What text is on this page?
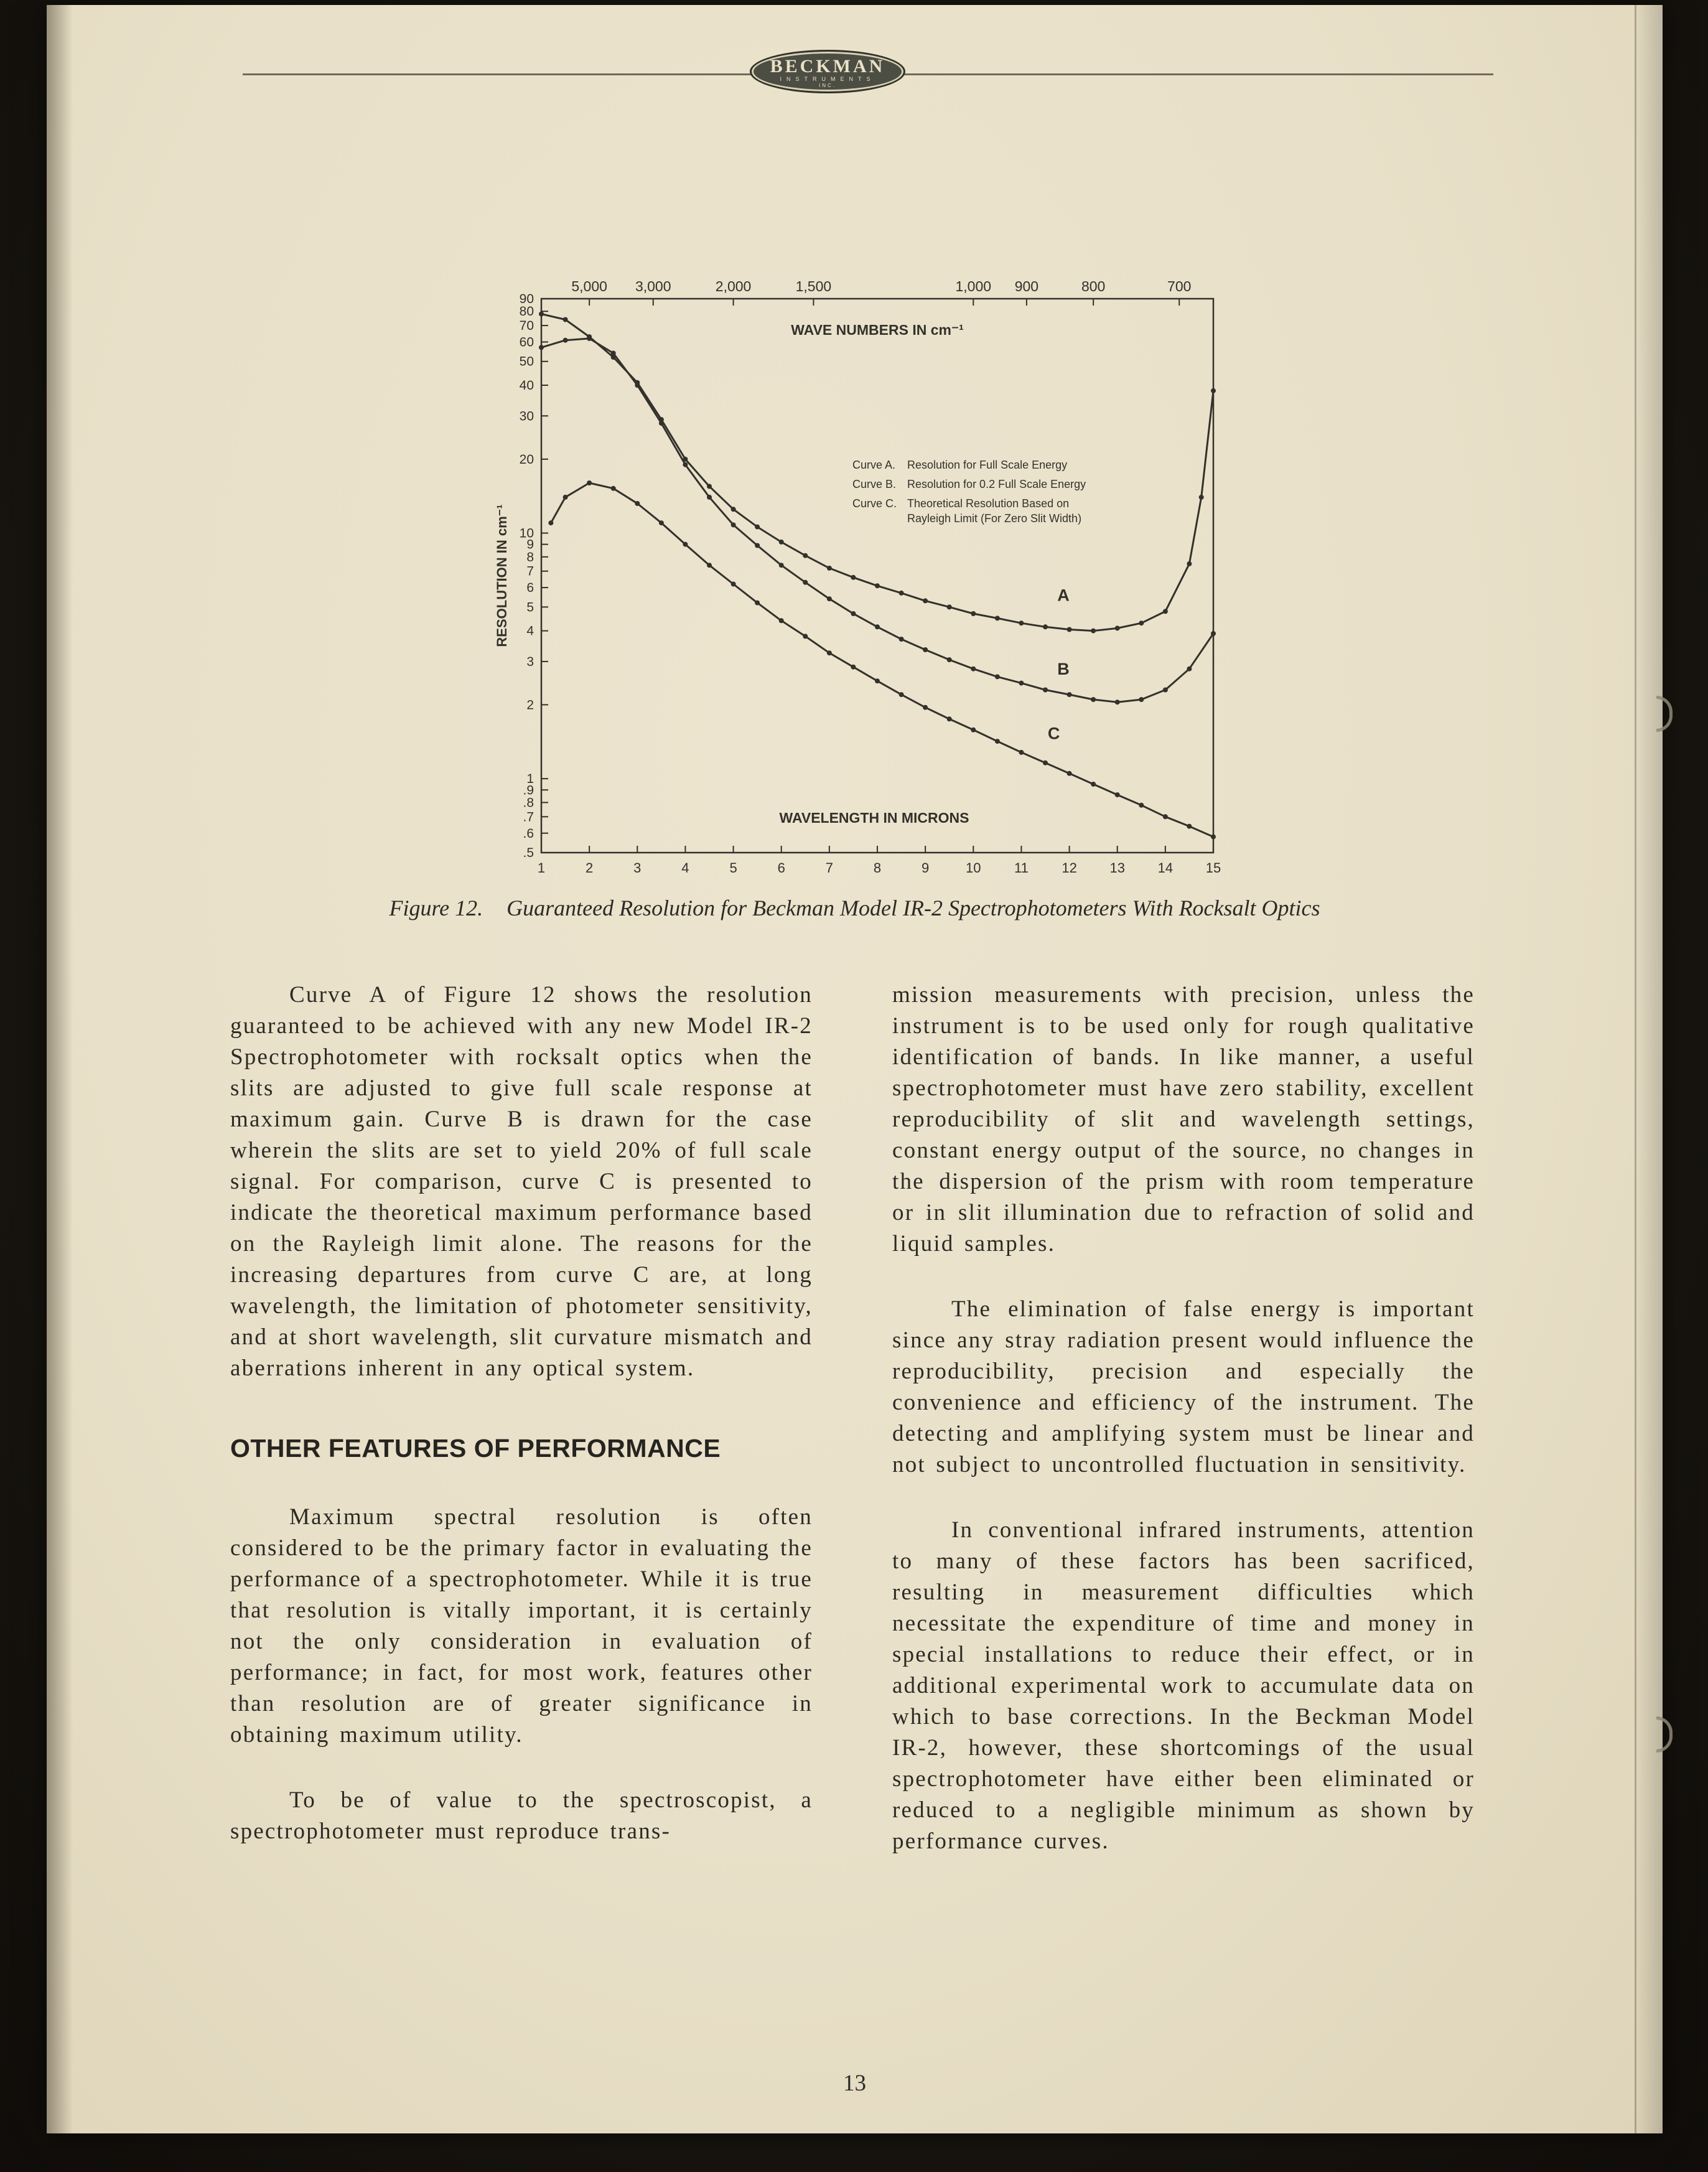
BECKMAN
INSTRUMENTS
INC.
90
80
70
60
50
40
30
20
10
9
8
7
6
5
4
3
2
1
.9
.8
.7
.6
.5
1	2	3	4	5	6	7	8	9	10 11 12 13 14 15
5,000 3,000	2,000	1,500	1,000 900	800	700
A
B
C
WAVE NUMBERS IN cm⁻¹
WAVELENGTH IN MICRONS
RESOLUTION IN cm⁻¹
Curve A.	Resolution for Full Scale Energy
Curve B. Resolution for 0.2 Full Scale Energy
Curve C. Theoretical Resolution Based on Rayleigh Limit (For Zero Slit Width)
Figure 12. Guaranteed Resolution for Beckman Model IR-2 Spectrophotometers With Rocksalt Optics

Curve A of Figure 12 shows the resolution guaranteed to be achieved with any new Model IR-2 Spectrophotometer with rocksalt optics when the slits are adjusted to give full scale response at maximum gain. Curve B is drawn for the case wherein the slits are set to yield 20% of full scale signal. For comparison, curve C is presented to indicate the theoretical maximum performance based on the Rayleigh limit alone. The reasons for the increasing departures from curve C are, at long wavelength, the limitation of photometer sensitivity, and at short wavelength, slit curvature mismatch and aberrations inherent in any optical system.

OTHER FEATURES OF PERFORMANCE

Maximum spectral resolution is often considered to be the primary factor in evaluating the performance of a spectrophotometer. While it is true that resolution is vitally important, it is certainly not the only consideration in evaluation of performance; in fact, for most work, features other than resolution are of greater significance in obtaining maximum utility.

To be of value to the spectroscopist, a spectrophotometer must reproduce trans-

mission measurements with precision, unless the instrument is to be used only for rough qualitative identification of bands. In like manner, a useful spectrophotometer must have zero stability, excellent reproducibility of slit and wavelength settings, constant energy output of the source, no changes in the dispersion of the prism with room temperature or in slit illumination due to refraction of solid and liquid samples.

The elimination of false energy is important since any stray radiation present would influence the reproducibility, precision and especially the convenience and efficiency of the instrument. The detecting and amplifying system must be linear and not subject to uncontrolled fluctuation in sensitivity.

In conventional infrared instruments, attention to many of these factors has been sacrificed, resulting in measurement difficulties which necessitate the expenditure of time and money in special installations to reduce their effect, or in additional experimental work to accumulate data on which to base corrections. In the Beckman Model IR-2, however, these shortcomings of the usual spectrophotometer have either been eliminated or reduced to a negligible minimum as shown by performance curves.

13
